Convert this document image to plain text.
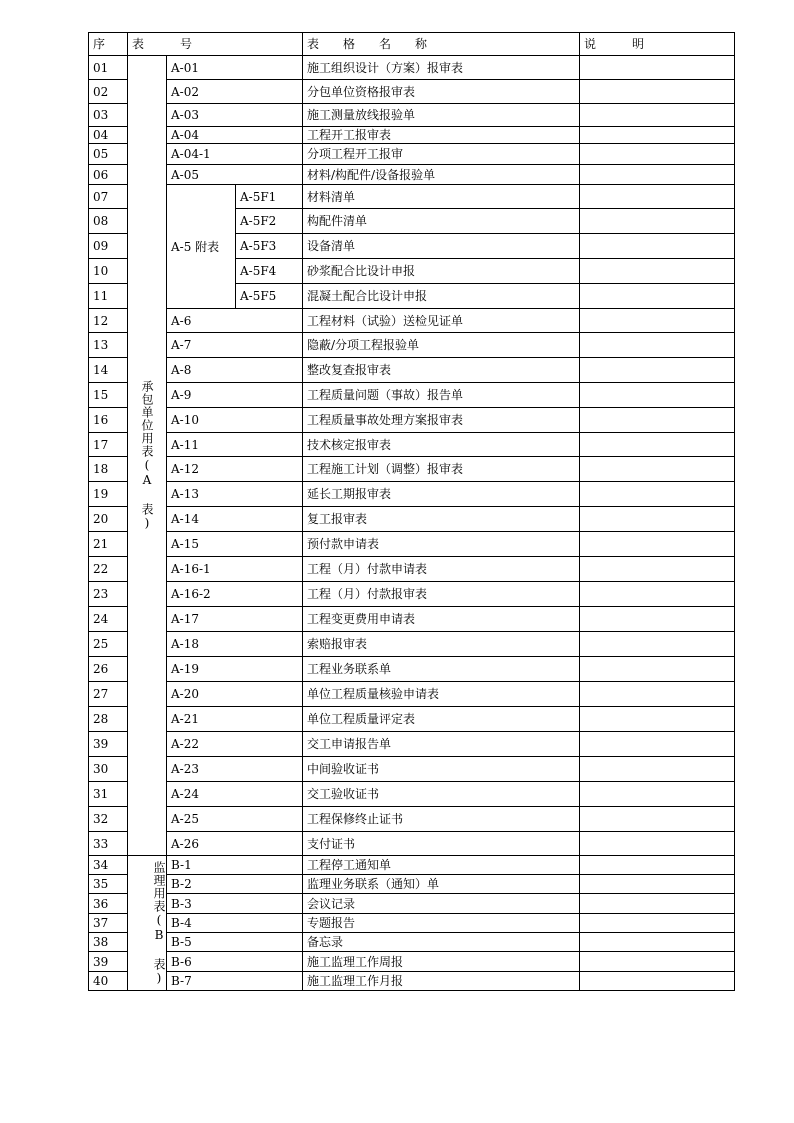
序	表　　　号			表　　格　　名　　称	说　　　明
01	承包单位用表(A 表)	A-01		施工组织设计（方案）报审表	
02		A-02		分包单位资格报审表	
03		A-03		施工测量放线报验单	
04		A-04		工程开工报审表	
05		A-04-1		分项工程开工报审	
06		A-05		材料/构配件/设备报验单	
07		A-5 附表	A-5F1	材料清单	
08			A-5F2	构配件清单	
09			A-5F3	设备清单	
10			A-5F4	砂浆配合比设计申报	
11			A-5F5	混凝土配合比设计申报	
12		A-6		工程材料（试验）送检见证单	
13		A-7		隐蔽/分项工程报验单	
14		A-8		整改复查报审表	
15		A-9		工程质量问题（事故）报告单	
16		A-10		工程质量事故处理方案报审表	
17		A-11		技术核定报审表	
18		A-12		工程施工计划（调整）报审表	
19		A-13		延长工期报审表	
20		A-14		复工报审表	
21		A-15		预付款申请表	
22		A-16-1		工程（月）付款申请表	
23		A-16-2		工程（月）付款报审表	
24		A-17		工程变更费用申请表	
25		A-18		索赔报审表	
26		A-19		工程业务联系单	
27		A-20		单位工程质量核验申请表	
28		A-21		单位工程质量评定表	
39		A-22		交工申请报告单	
30		A-23		中间验收证书	
31		A-24		交工验收证书	
32		A-25		工程保修终止证书	
33		A-26		支付证书	
34	监理用表(B 表)	B-1		工程停工通知单	
35		B-2		监理业务联系（通知）单	
36		B-3		会议记录	
37		B-4		专题报告	
38		B-5		备忘录	
39		B-6		施工监理工作周报	
40		B-7		施工监理工作月报	
